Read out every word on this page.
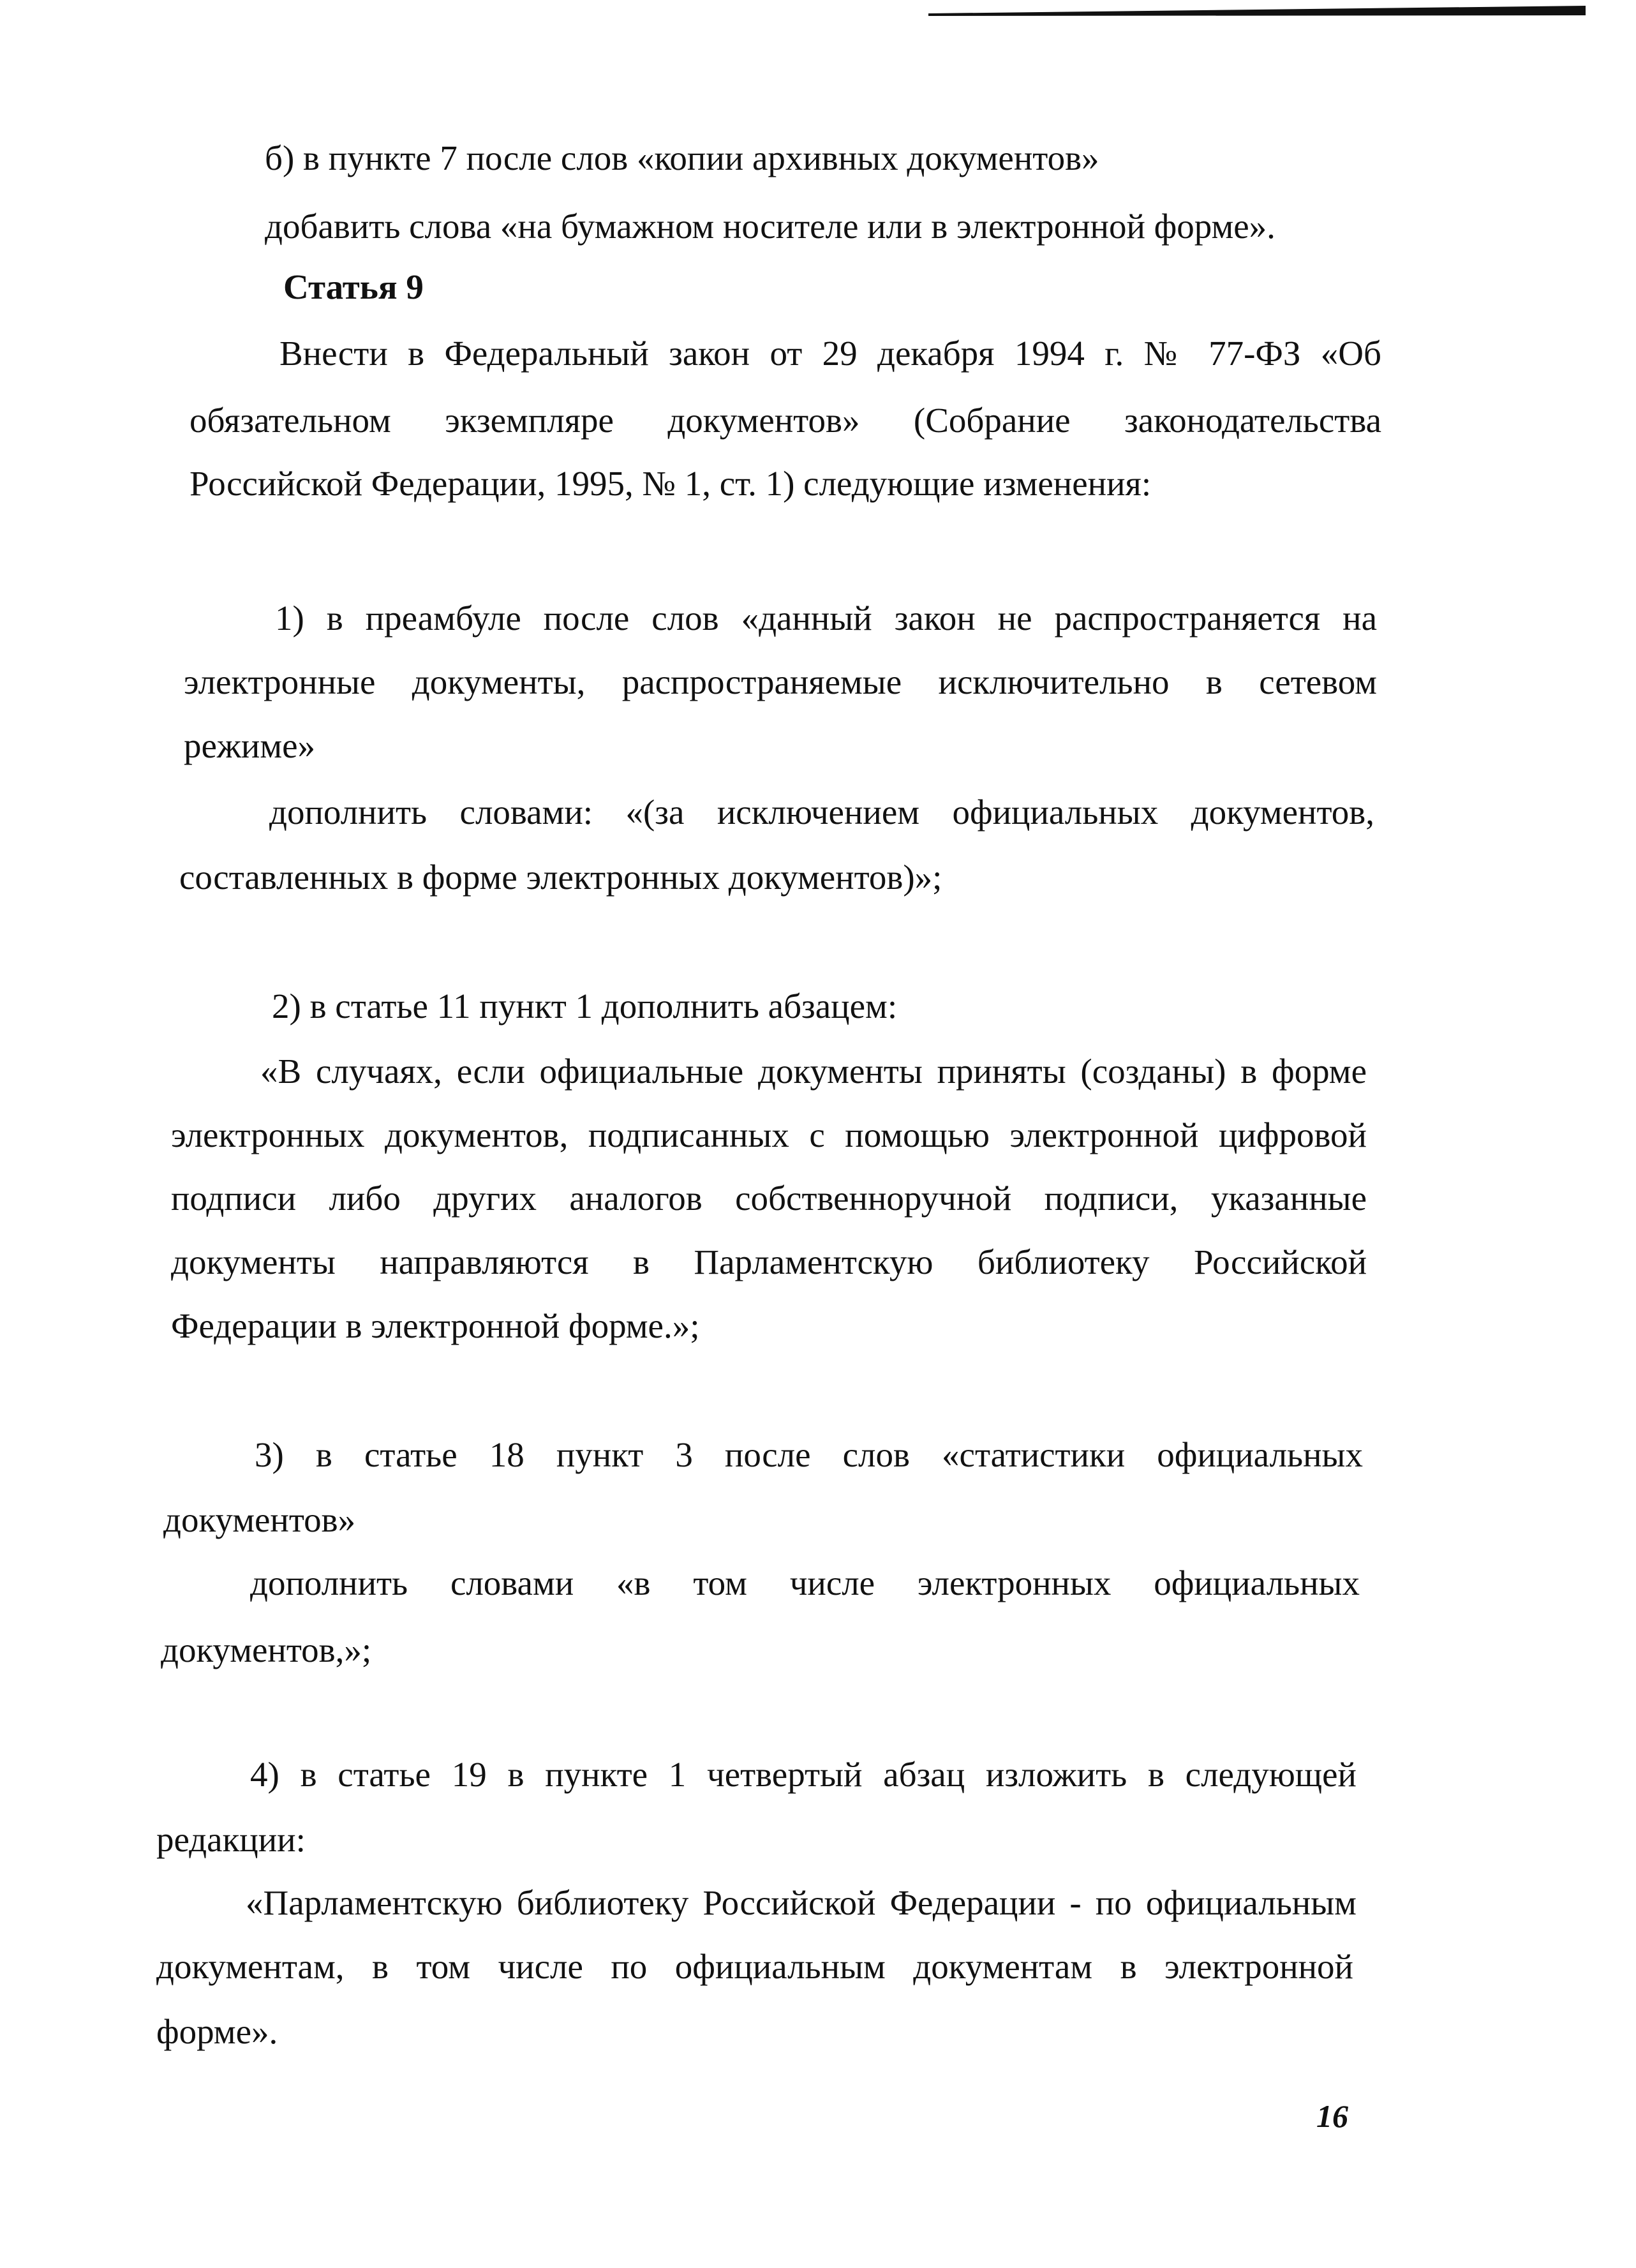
б) в пункте 7 после слов «копии архивных документов»
добавить слова «на бумажном носителе или в электронной форме».
Статья 9
Внести в Федеральный закон от 29 декабря 1994 г. № 77-ФЗ «Об
обязательном экземпляре документов» (Собрание законодательства
Российской Федерации, 1995, № 1, ст. 1) следующие изменения:
1) в преамбуле после слов «данный закон не распространяется на
электронные документы, распространяемые исключительно в сетевом
режиме»
дополнить словами: «(за исключением официальных документов,
составленных в форме электронных документов)»;
2) в статье 11 пункт 1 дополнить абзацем:
«В случаях, если официальные документы приняты (созданы) в форме
электронных документов, подписанных с помощью электронной цифровой
подписи либо других аналогов собственноручной подписи, указанные
документы направляются в Парламентскую библиотеку Российской
Федерации в электронной форме.»;
3) в статье 18 пункт 3 после слов «статистики официальных
документов»
дополнить словами «в том числе электронных официальных
документов,»;
4) в статье 19 в пункте 1 четвертый абзац изложить в следующей
редакции:
«Парламентскую библиотеку Российской Федерации - по официальным
документам, в том числе по официальным документам в электронной
форме».
16
